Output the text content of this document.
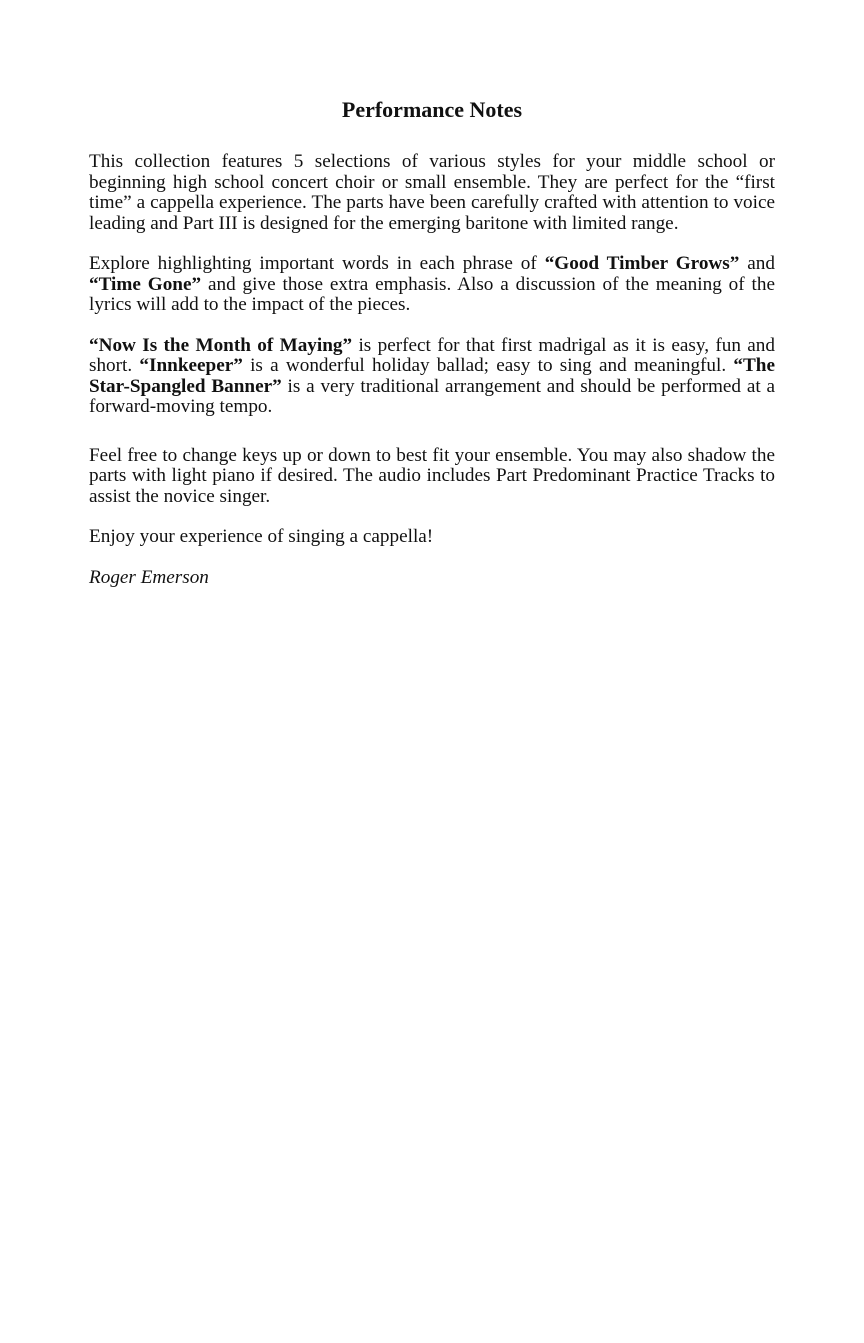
Performance Notes

This collection features 5 selections of various styles for your middle school or beginning high school concert choir or small ensemble. They are perfect for the “first time” a cappella experience. The parts have been carefully crafted with attention to voice leading and Part III is designed for the emerging baritone with limited range.

Explore highlighting important words in each phrase of “Good Timber Grows” and “Time Gone” and give those extra emphasis. Also a discussion of the meaning of the lyrics will add to the impact of the pieces.

“Now Is the Month of Maying” is perfect for that first madrigal as it is easy, fun and short. “Innkeeper” is a wonderful holiday ballad; easy to sing and meaningful. “The Star-Spangled Banner” is a very traditional arrangement and should be performed at a forward-moving tempo.

Feel free to change keys up or down to best fit your ensemble. You may also shadow the parts with light piano if desired. The audio includes Part Predominant Practice Tracks to assist the novice singer.

Enjoy your experience of singing a cappella!

Roger Emerson
